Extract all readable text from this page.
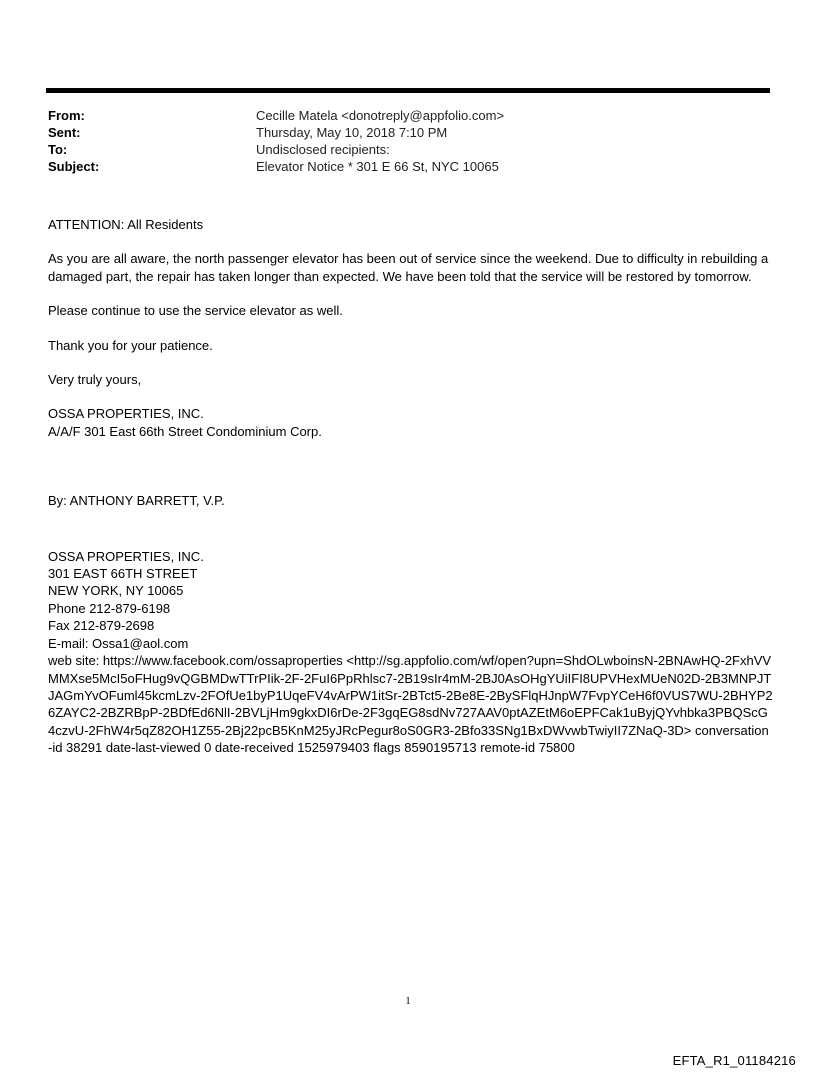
From:	Cecille Matela <donotreply@appfolio.com>
Sent:	Thursday, May 10, 2018 7:10 PM
To:	Undisclosed recipients:
Subject:	Elevator Notice * 301 E 66 St, NYC 10065

ATTENTION: All Residents

As you are all aware, the north passenger elevator has been out of service since the weekend. Due to difficulty in rebuilding a damaged part, the repair has taken longer than expected. We have been told that the service will be restored by tomorrow.

Please continue to use the service elevator as well.

Thank you for your patience.

Very truly yours,

OSSA PROPERTIES, INC.

A/A/F 301 East 66th Street Condominium Corp.

By: ANTHONY BARRETT, V.P.

OSSA PROPERTIES, INC.

301 EAST 66TH STREET

NEW YORK, NY 10065

Phone 212-879-6198

Fax 212-879-2698

E-mail: Ossa1@aol.com

web site: https://www.facebook.com/ossaproperties <http://sg.appfolio.com/wf/open?upn=ShdOLwboinsN-2BNAwHQ-2FxhVVMMXse5McI5oFHug9vQGBMDwTTrPIik-2F-2FuI6PpRhlsc7-2B19sIr4mM-2BJ0AsOHgYUiIFI8UPVHexMUeN02D-2B3MNPJTJAGmYvOFuml45kcmLzv-2FOfUe1byP1UqeFV4vArPW1itSr-2BTct5-2Be8E-2BySFlqHJnpW7FvpYCeH6f0VUS7WU-2BHYP26ZAYC2-2BZRBpP-2BDfEd6NlI-2BVLjHm9gkxDI6rDe-2F3gqEG8sdNv727AAV0ptAZEtM6oEPFCak1uByjQYvhbka3PBQScG4czvU-2FhW4r5qZ82OH1Z55-2Bj22pcB5KnM25yJRcPegur8oS0GR3-2Bfo33SNg1BxDWvwbTwiyII7ZNaQ-3D> conversation-id 38291 date-last-viewed 0 date-received 1525979403 flags 8590195713 remote-id 75800

1
EFTA_R1_01184216
